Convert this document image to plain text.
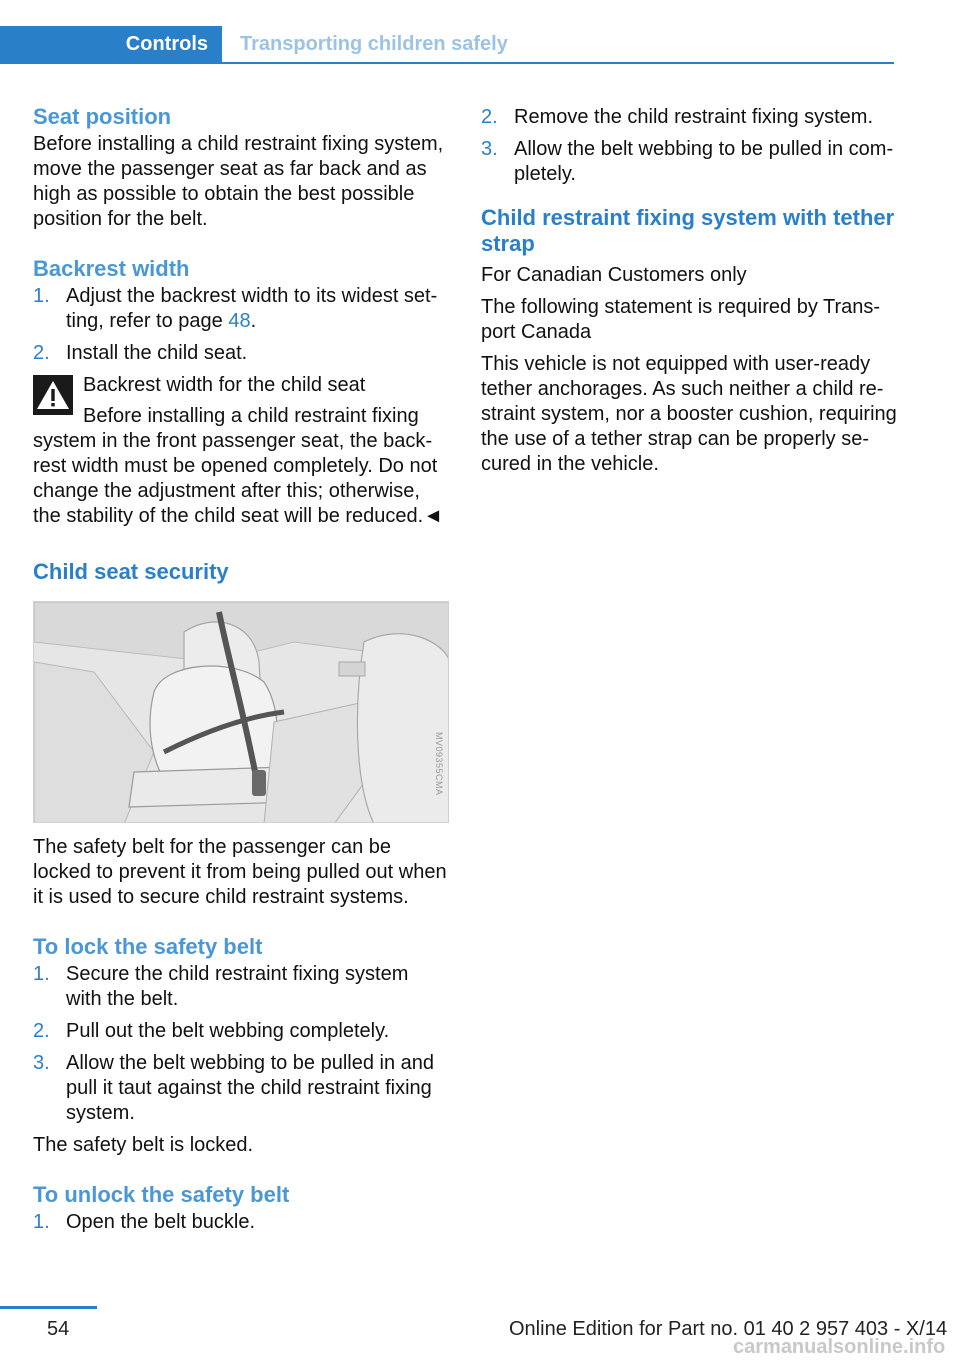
Controls	Transporting children safely
Seat position

Before installing a child restraint fixing system, move the passenger seat as far back and as high as possible to obtain the best possible position for the belt.

Backrest width
1. Adjust the backrest width to its widest setting, refer to page 48.
2. Install the child seat.

Backrest width for the child seat

Before installing a child restraint fixing system in the front passenger seat, the backrest width must be opened completely. Do not change the adjustment after this; otherwise, the stability of the child seat will be reduced.◄

Child seat security
MV09355CMA

The safety belt for the passenger can be locked to prevent it from being pulled out when it is used to secure child restraint systems.

To lock the safety belt
1. Secure the child restraint fixing system with the belt.
2. Pull out the belt webbing completely.
3. Allow the belt webbing to be pulled in and pull it taut against the child restraint fixing system.

The safety belt is locked.

To unlock the safety belt
1. Open the belt buckle.
2. Remove the child restraint fixing system.
3. Allow the belt webbing to be pulled in completely.
Child restraint fixing system with tether strap

For Canadian Customers only

The following statement is required by Transport Canada

This vehicle is not equipped with user-ready tether anchorages. As such neither a child restraint system, nor a booster cushion, requiring the use of a tether strap can be properly secured in the vehicle.

54	Online Edition for Part no. 01 40 2 957 403 - X/14
carmanualsonline.info
